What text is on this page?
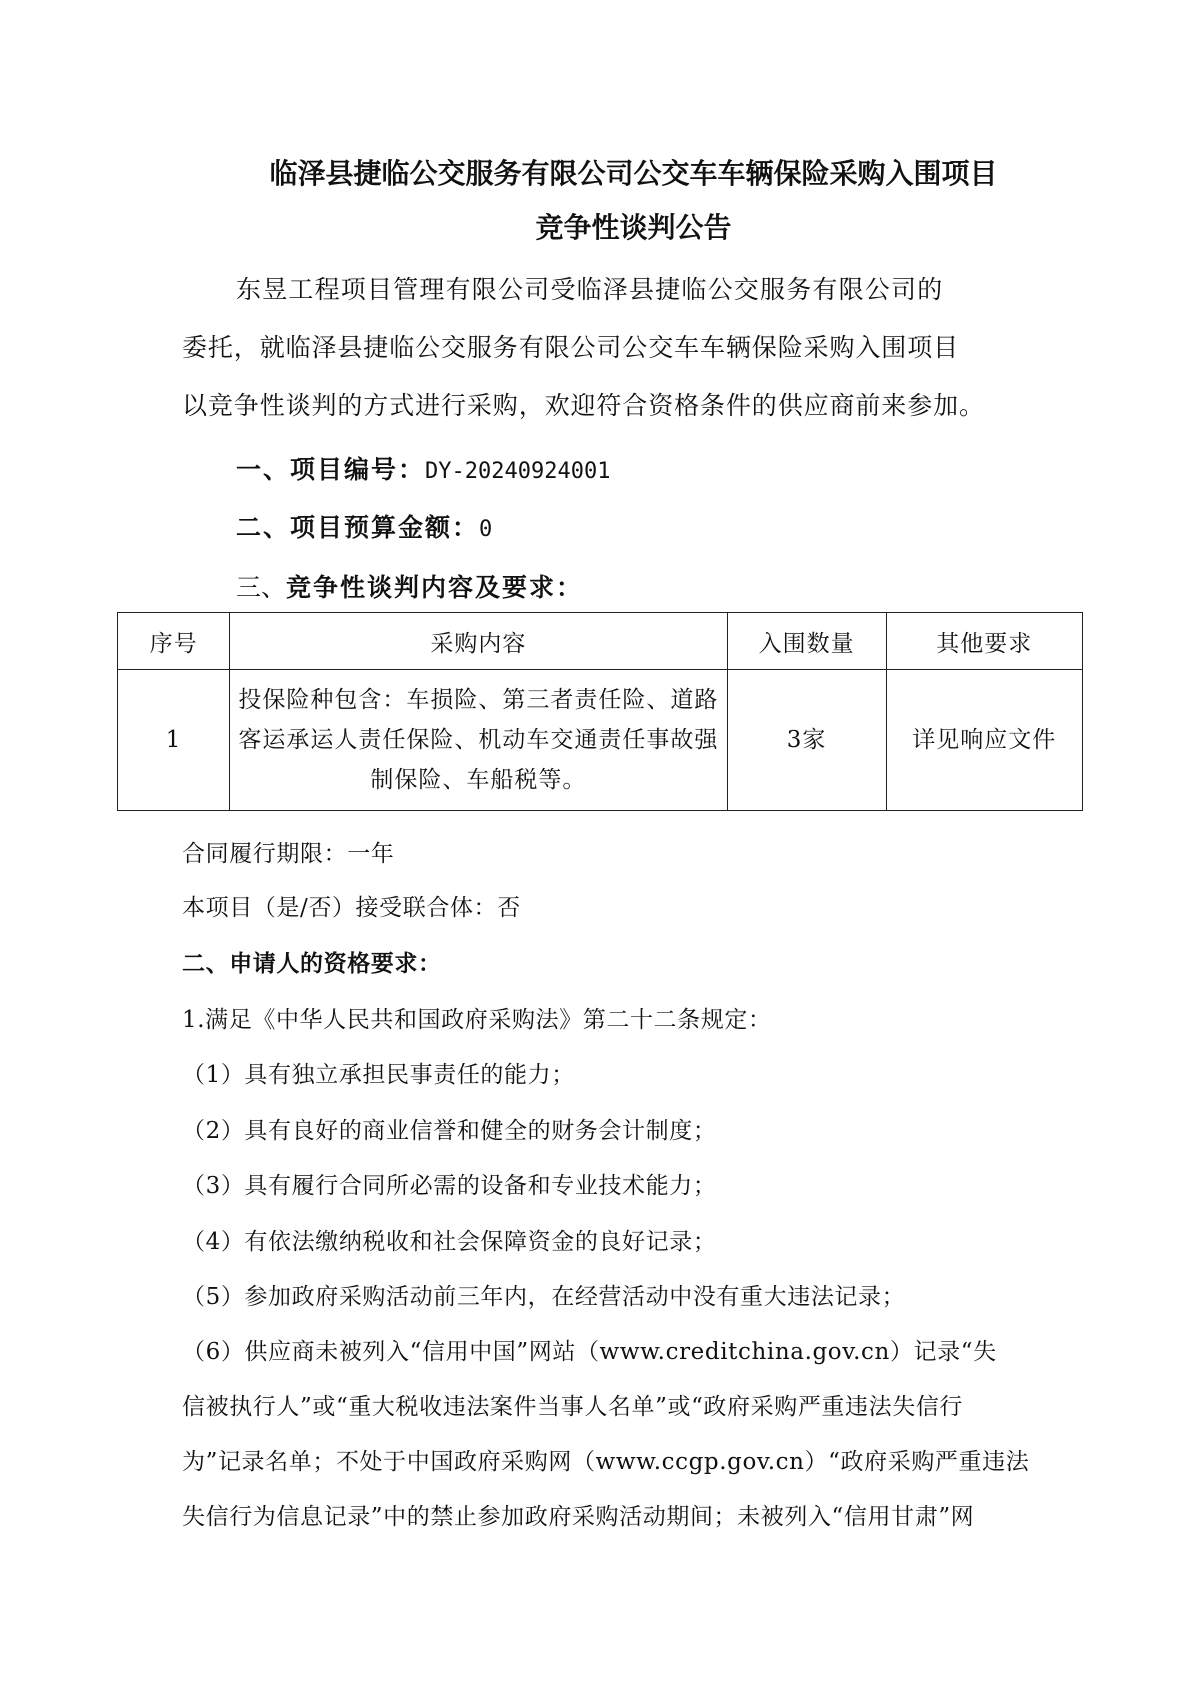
临泽县捷临公交服务有限公司公交车车辆保险采购入围项目
竞争性谈判公告
东昱工程项目管理有限公司受临泽县捷临公交服务有限公司的
委托，就临泽县捷临公交服务有限公司公交车车辆保险采购入围项目
以竞争性谈判的方式进行采购，欢迎符合资格条件的供应商前来参加。
一、项目编号：DY-20240924001
二、项目预算金额：0
三、竞争性谈判内容及要求：
序号	采购内容	入围数量	其他要求
1	投保险种包含：车损险、第三者责任险、道路
客运承运人责任保险、机动车交通责任事故强
制保险、车船税等。	3家	详见响应文件
合同履行期限：一年
本项目（是/否）接受联合体：否
二、申请人的资格要求：
1.满足《中华人民共和国政府采购法》第二十二条规定：
（1）具有独立承担民事责任的能力；
（2）具有良好的商业信誉和健全的财务会计制度；
（3）具有履行合同所必需的设备和专业技术能力；
（4）有依法缴纳税收和社会保障资金的良好记录；
（5）参加政府采购活动前三年内，在经营活动中没有重大违法记录；
（6）供应商未被列入“信用中国”网站（www.creditchina.gov.cn）记录“失
信被执行人”或“重大税收违法案件当事人名单”或“政府采购严重违法失信行
为”记录名单；不处于中国政府采购网（www.ccgp.gov.cn）“政府采购严重违法
失信行为信息记录”中的禁止参加政府采购活动期间；未被列入“信用甘肃”网
